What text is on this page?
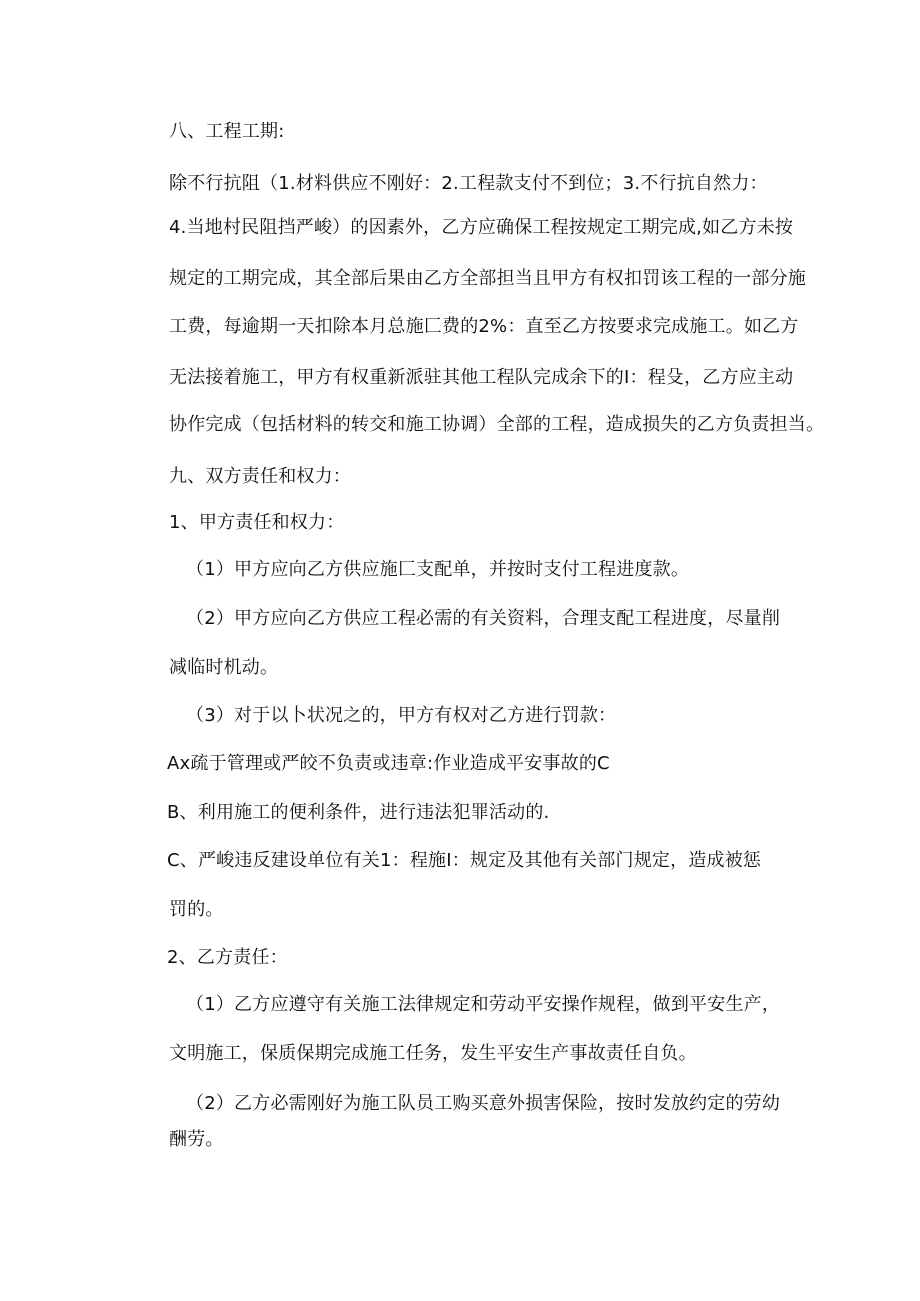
八、工程工期:

除不行抗阻（1.材料供应不刚好：2.工程款支付不到位；3.不行抗自然力：

4.当地村民阻挡严峻）的因素外，乙方应确保工程按规定工期完成,如乙方未按

规定的工期完成，其全部后果由乙方全部担当且甲方有权扣罚该工程的一部分施

工费，每逾期一天扣除本月总施匚费的2%：直至乙方按要求完成施工。如乙方

无法接着施工，甲方有权重新派驻其他工程队完成余下的I：程殳，乙方应主动

协作完成（包括材料的转交和施工协调）全部的工程，造成损失的乙方负责担当。

九、双方责任和权力：

1、甲方责任和权力：

（1）甲方应向乙方供应施匚支配单，并按时支付工程进度款。

（2）甲方应向乙方供应工程必需的有关资料，合理支配工程进度，尽量削

减临时机动。

（3）对于以卜状况之的，甲方有权对乙方进行罚款：

Ax疏于管理或严皎不负责或违章:作业造成平安事故的C

B、利用施工的便利条件，进行违法犯罪活动的.

C、严峻违反建设单位有关1：程施I：规定及其他有关部门规定，造成被惩

罚的。

2、乙方责任：

（1）乙方应遵守有关施工法律规定和劳动平安操作规程，做到平安生产，

文明施工，保质保期完成施工任务，发生平安生产事故责任自负。

（2）乙方必需刚好为施工队员工购买意外损害保险，按时发放约定的劳幼

酬劳。
